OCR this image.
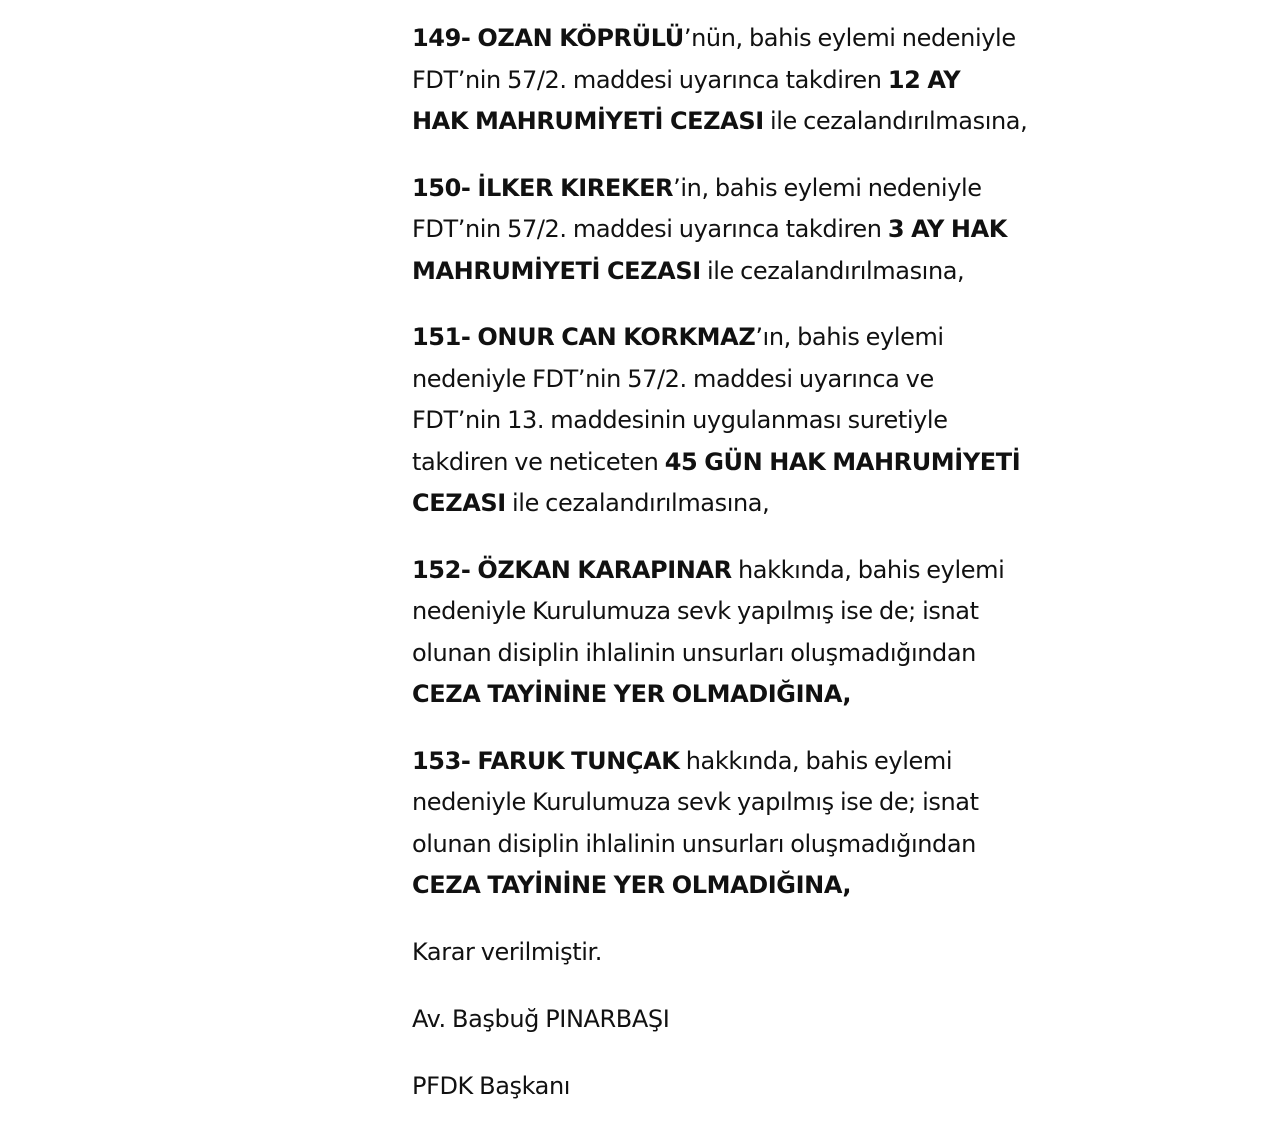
149- OZAN KÖPRÜLÜ’nün, bahis eylemi nedeniyle
FDT’nin 57/2. maddesi uyarınca takdiren 12 AY
HAK MAHRUMİYETİ CEZASI ile cezalandırılmasına,

150- İLKER KIREKER’in, bahis eylemi nedeniyle
FDT’nin 57/2. maddesi uyarınca takdiren 3 AY HAK
MAHRUMİYETİ CEZASI ile cezalandırılmasına,

151- ONUR CAN KORKMAZ’ın, bahis eylemi
nedeniyle FDT’nin 57/2. maddesi uyarınca ve
FDT’nin 13. maddesinin uygulanması suretiyle
takdiren ve neticeten 45 GÜN HAK MAHRUMİYETİ
CEZASI ile cezalandırılmasına,

152- ÖZKAN KARAPINAR hakkında, bahis eylemi
nedeniyle Kurulumuza sevk yapılmış ise de; isnat
olunan disiplin ihlalinin unsurları oluşmadığından
CEZA TAYİNİNE YER OLMADIĞINA,

153- FARUK TUNÇAK hakkında, bahis eylemi
nedeniyle Kurulumuza sevk yapılmış ise de; isnat
olunan disiplin ihlalinin unsurları oluşmadığından
CEZA TAYİNİNE YER OLMADIĞINA,

Karar verilmiştir.

Av. Başbuğ PINARBAŞI

PFDK Başkanı
